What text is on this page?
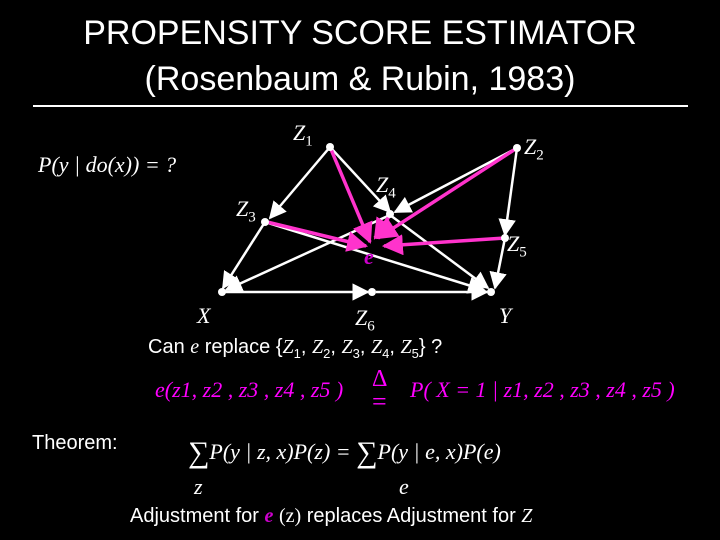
PROPENSITY SCORE ESTIMATOR
(Rosenbaum & Rubin, 1983)
P(y | do(x)) = ?
$Z_1$	$Z_2$
$Z_3$
$Z_4$
$Z_5$
$Z_6$
X	Y
e
Can e replace {$Z_1$, $Z_2$, $Z_3$, $Z_4$, $Z_5$} ?
e(z1, z2 , z3 , z4 , z5 ) Δ
= P( X = 1 | z1, z2 , z3 , z4 , z5 )
Theorem: ∑P(y | z, x)P(z) = ∑P(y | e, x)P(e)
z	e
Adjustment for e (z) replaces Adjustment for Z
